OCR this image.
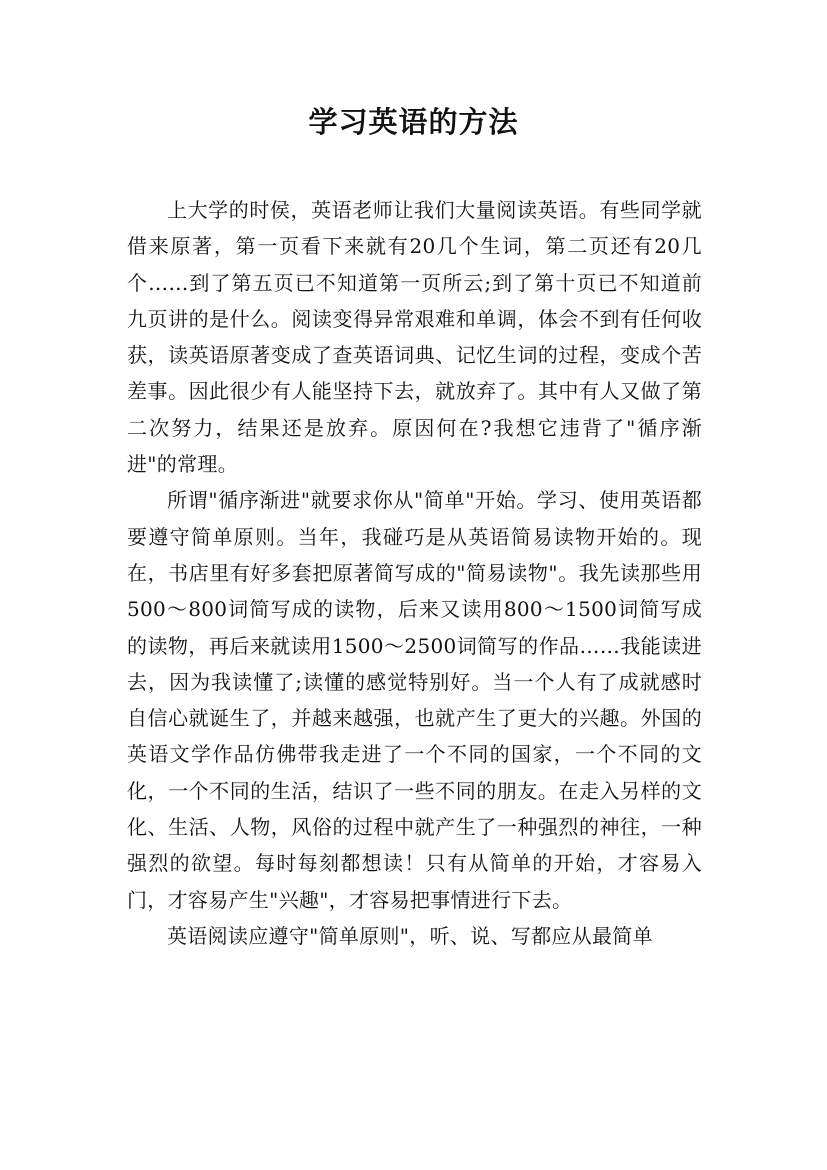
学习英语的方法

上大学的时侯，英语老师让我们大量阅读英语。有些同学就借来原著，第一页看下来就有20几个生词，第二页还有20几个……到了第五页已不知道第一页所云;到了第十页已不知道前九页讲的是什么。阅读变得异常艰难和单调，体会不到有任何收获，读英语原著变成了查英语词典、记忆生词的过程，变成个苦差事。因此很少有人能坚持下去，就放弃了。其中有人又做了第二次努力，结果还是放弃。原因何在?我想它违背了"循序渐进"的常理。

所谓"循序渐进"就要求你从"简单"开始。学习、使用英语都要遵守简单原则。当年，我碰巧是从英语简易读物开始的。现在，书店里有好多套把原著简写成的"简易读物"。我先读那些用500～800词简写成的读物，后来又读用800～1500词简写成的读物，再后来就读用1500～2500词简写的作品……我能读进去，因为我读懂了;读懂的感觉特别好。当一个人有了成就感时自信心就诞生了，并越来越强，也就产生了更大的兴趣。外国的英语文学作品仿佛带我走进了一个不同的国家，一个不同的文化，一个不同的生活，结识了一些不同的朋友。在走入另样的文化、生活、人物，风俗的过程中就产生了一种强烈的神往，一种强烈的欲望。每时每刻都想读！只有从简单的开始，才容易入门，才容易产生"兴趣"，才容易把事情进行下去。

英语阅读应遵守"简单原则"，听、说、写都应从最简单
